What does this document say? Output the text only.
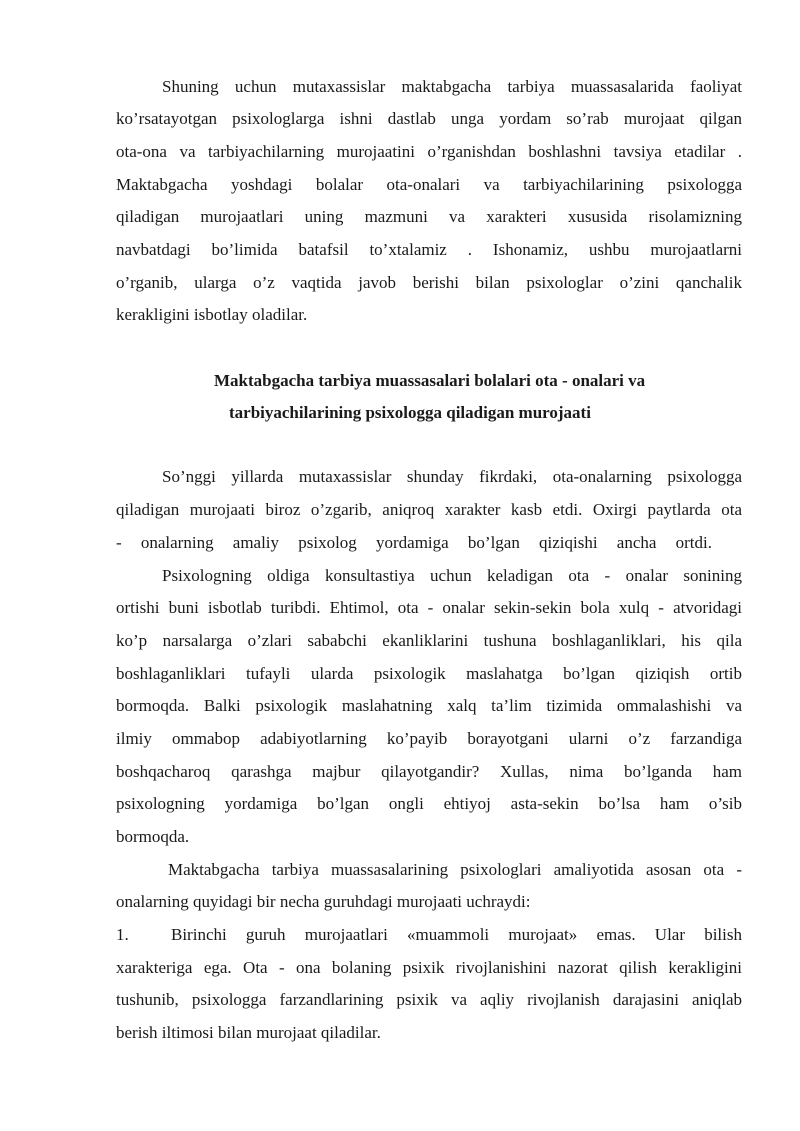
Shuning uchun mutaxassislar maktabgacha tarbiya muassasalarida faoliyat
ko’rsatayotgan psixologlarga ishni dastlab unga yordam so’rab murojaat qilgan
ota-ona va tarbiyachilarning murojaatini o’rganishdan boshlashni tavsiya etadilar .
Maktabgacha yoshdagi bolalar ota-onalari va tarbiyachilarining psixologga
qiladigan murojaatlari uning mazmuni va xarakteri xususida risolamizning
navbatdagi bo’limida batafsil to’xtalamiz . Ishonamiz, ushbu murojaatlarni
o’rganib, ularga o’z vaqtida javob berishi bilan psixologlar o’zini qanchalik
kerakligini isbotlay oladilar.
Maktabgacha tarbiya muassasalari bolalari ota - onalari va
tarbiyachilarining psixologga qiladigan murojaati
So’nggi yillarda mutaxassislar shunday fikrdaki, ota-onalarning psixologga
qiladigan murojaati biroz o’zgarib, aniqroq xarakter kasb etdi. Oxirgi paytlarda ota
- onalarning amaliy psixolog yordamiga bo’lgan qiziqishi ancha ortdi.
Psixologning oldiga konsultastiya uchun keladigan ota - onalar sonining
ortishi buni isbotlab turibdi. Ehtimol, ota - onalar sekin-sekin bola xulq - atvoridagi
ko’p narsalarga o’zlari sababchi ekanliklarini tushuna boshlaganliklari, his qila
boshlaganliklari tufayli ularda psixologik maslahatga bo’lgan qiziqish ortib
bormoqda. Balki psixologik maslahatning xalq ta’lim tizimida ommalashishi va
ilmiy ommabop adabiyotlarning ko’payib borayotgani ularni o’z farzandiga
boshqacharoq qarashga majbur qilayotgandir? Xullas, nima bo’lganda ham
psixologning yordamiga bo’lgan ongli ehtiyoj asta-sekin bo’lsa ham o’sib
bormoqda.
Maktabgacha tarbiya muassasalarining psixologlari amaliyotida asosan ota -
onalarning quyidagi bir necha guruhdagi murojaati uchraydi:
1.	Birinchi guruh murojaatlari «muammoli murojaat» emas. Ular bilish
xarakteriga ega. Ota - ona bolaning psixik rivojlanishini nazorat qilish kerakligini
tushunib, psixologga farzandlarining psixik va aqliy rivojlanish darajasini aniqlab
berish iltimosi bilan murojaat qiladilar.
